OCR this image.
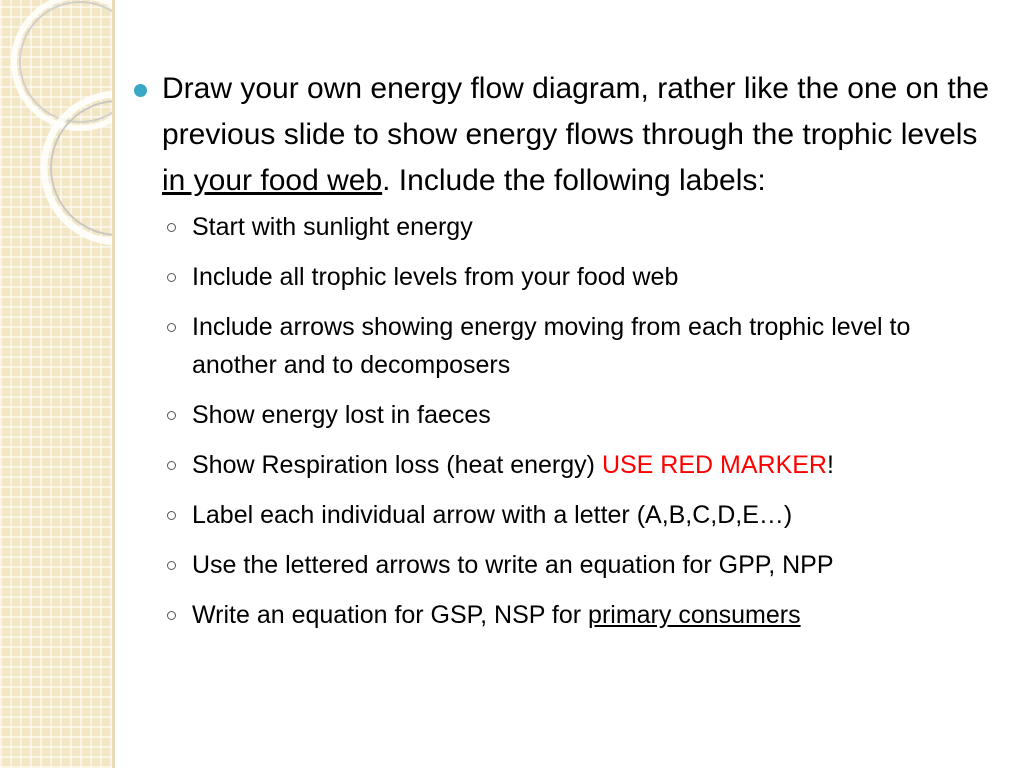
Draw your own energy flow diagram, rather like the one on the previous slide to show energy flows through the trophic levels in your food web. Include the following labels:
Start with sunlight energy
Include all trophic levels from your food web
Include arrows showing energy moving from each trophic level to another and to decomposers
Show energy lost in faeces
Show Respiration loss (heat energy) USE RED MARKER!
Label each individual arrow with a letter (A,B,C,D,E…)
Use the lettered arrows to write an equation for GPP, NPP
Write an equation for GSP, NSP for primary consumers
